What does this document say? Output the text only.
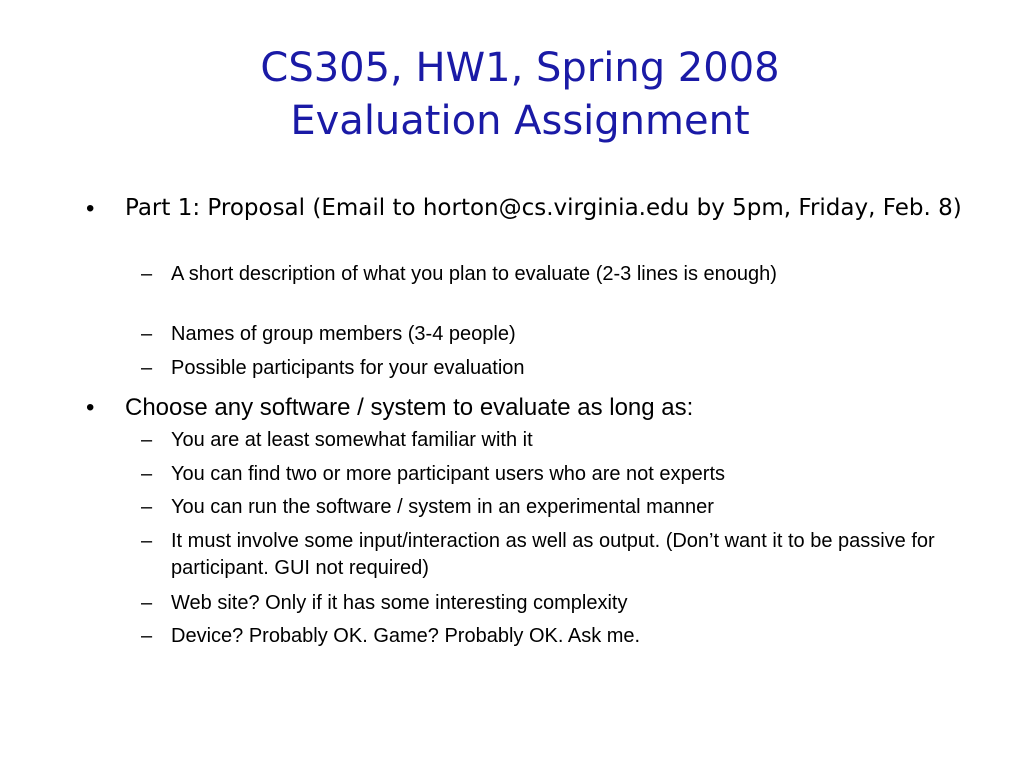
CS305, HW1, Spring 2008
Evaluation Assignment
• Part 1: Proposal (Email to horton@cs.virginia.edu by 5pm, Friday, Feb. 8)
– A short description of what you plan to evaluate (2-3 lines is enough)
– Names of group members (3-4 people)
– Possible participants for your evaluation
• Choose any software / system to evaluate as long as:
– You are at least somewhat familiar with it
– You can find two or more participant users who are not experts
– You can run the software / system in an experimental manner
– It must involve some input/interaction as well as output. (Don’t want it to be passive for participant. GUI not required)
– Web site? Only if it has some interesting complexity
– Device? Probably OK. Game? Probably OK. Ask me.
